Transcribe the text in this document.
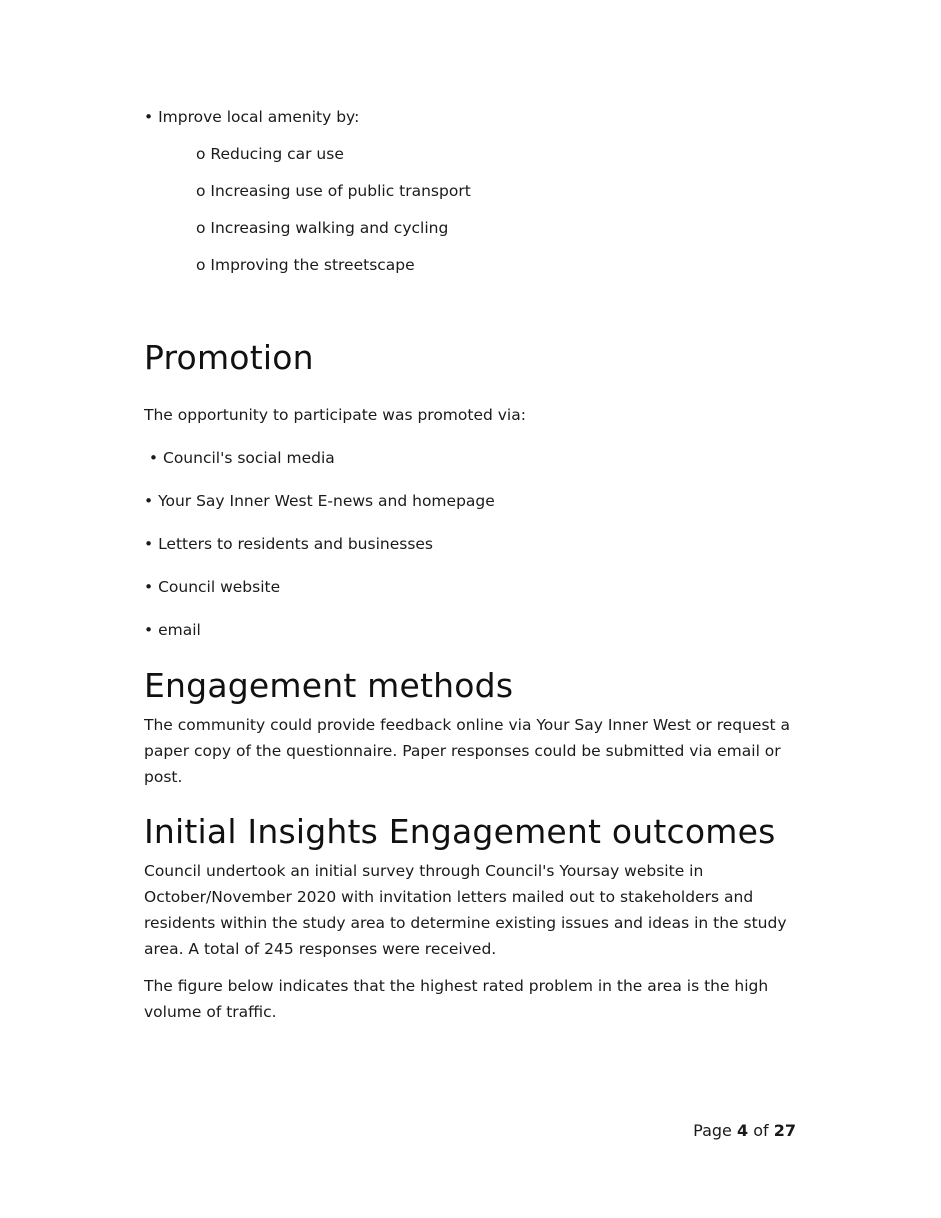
• Improve local amenity by:

o Reducing car use

o Increasing use of public transport

o Increasing walking and cycling

o Improving the streetscape

Promotion

The opportunity to participate was promoted via:

• Council's social media

• Your Say Inner West E-news and homepage

• Letters to residents and businesses

• Council website

• email

Engagement methods

The community could provide feedback online via Your Say Inner West or request a paper copy of the questionnaire. Paper responses could be submitted via email or post.

Initial Insights Engagement outcomes

Council undertook an initial survey through Council's Yoursay website in October/November 2020 with invitation letters mailed out to stakeholders and residents within the study area to determine existing issues and ideas in the study area. A total of 245 responses were received.

The figure below indicates that the highest rated problem in the area is the high volume of traffic.

Page 4 of 27
